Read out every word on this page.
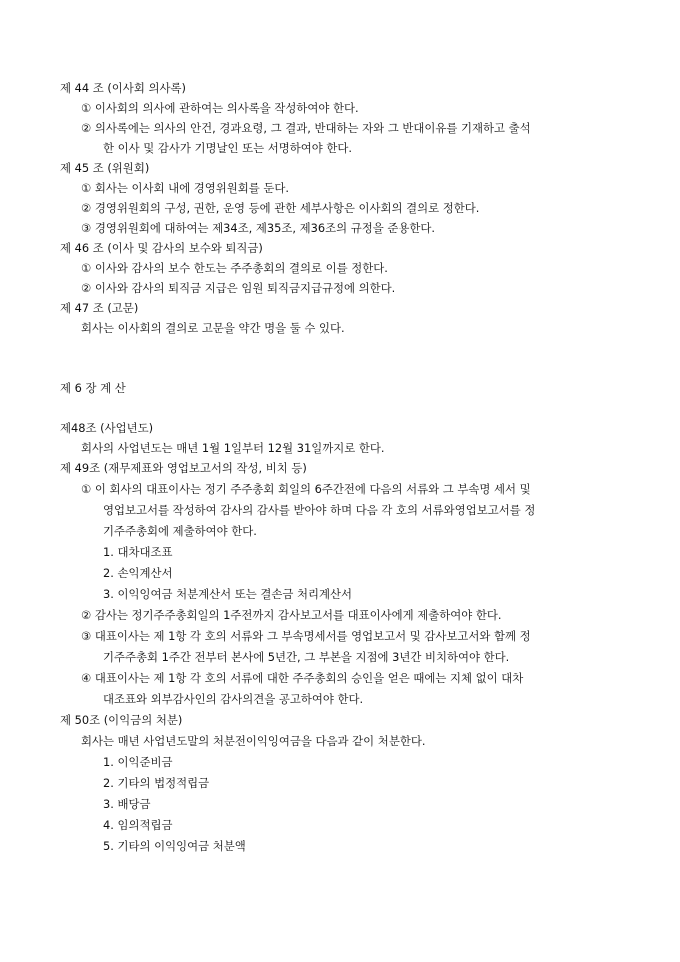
제 44 조 (이사회 의사록)
① 이사회의 의사에 관하여는 의사록을 작성하여야 한다.
② 의사록에는 의사의 안건, 경과요령, 그 결과, 반대하는 자와 그 반대이유를 기재하고 출석
한 이사 및 감사가 기명날인 또는 서명하여야 한다.
제 45 조 (위원회)
① 회사는 이사회 내에 경영위원회를 둔다.
② 경영위원회의 구성, 권한, 운영 등에 관한 세부사항은 이사회의 결의로 정한다.
③ 경영위원회에 대하여는 제34조, 제35조, 제36조의 규정을 준용한다.
제 46 조 (이사 및 감사의 보수와 퇴직금)
① 이사와 감사의 보수 한도는 주주총회의 결의로 이를 정한다.
② 이사와 감사의 퇴직금 지급은 임원 퇴직금지급규정에 의한다.
제 47 조 (고문)
회사는 이사회의 결의로 고문을 약간 명을 둘 수 있다.
제 6 장 계 산
제48조 (사업년도)
회사의 사업년도는 매년 1월 1일부터 12월 31일까지로 한다.
제 49조 (재무제표와 영업보고서의 작성, 비치 등)
① 이 회사의 대표이사는 정기 주주총회 회일의 6주간전에 다음의 서류와 그 부속명 세서 및
영업보고서를 작성하여 감사의 감사를 받아야 하며 다음 각 호의 서류와영업보고서를 정
기주주총회에 제출하여야 한다.
1. 대차대조표
2. 손익계산서
3. 이익잉여금 처분계산서 또는 결손금 처리계산서
② 감사는 정기주주총회일의 1주전까지 감사보고서를 대표이사에게 제출하여야 한다.
③ 대표이사는 제 1항 각 호의 서류와 그 부속명세서를 영업보고서 및 감사보고서와 함께 정
기주주총회 1주간 전부터 본사에 5년간, 그 부본을 지점에 3년간 비치하여야 한다.
④ 대표이사는 제 1항 각 호의 서류에 대한 주주총회의 승인을 얻은 때에는 지체 없이 대차
대조표와 외부감사인의 감사의견을 공고하여야 한다.
제 50조 (이익금의 처분)
회사는 매년 사업년도말의 처분전이익잉여금을 다음과 같이 처분한다.
1. 이익준비금
2. 기타의 법정적립금
3. 배당금
4. 임의적립금
5. 기타의 이익잉여금 처분액
